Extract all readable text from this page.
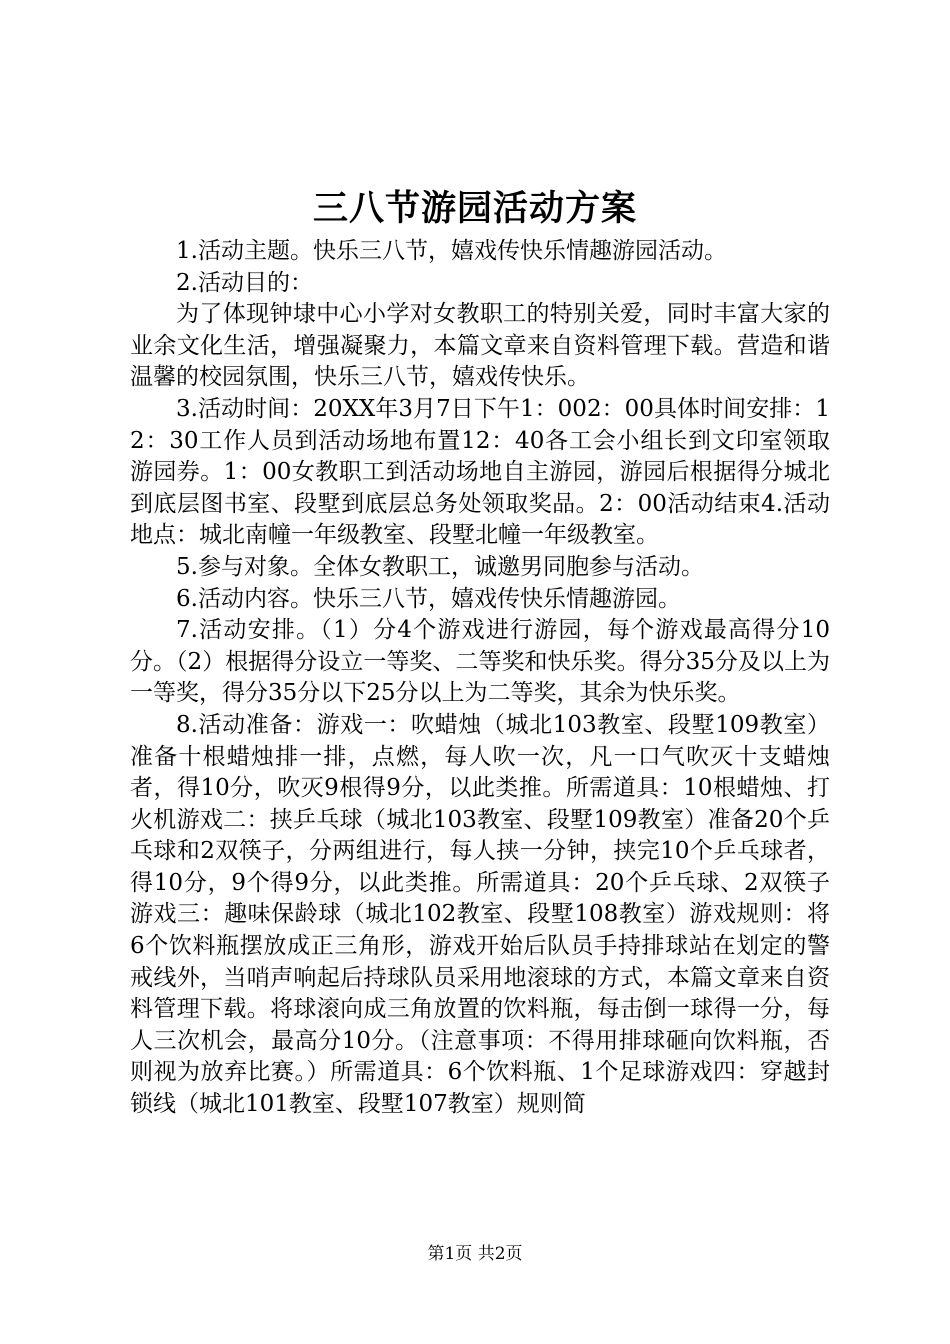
三八节游园活动方案

1.活动主题。快乐三八节，嬉戏传快乐情趣游园活动。

2.活动目的：

为了体现钟埭中心小学对女教职工的特别关爱，同时丰富大家的业余文化生活，增强凝聚力，本篇文章来自资料管理下载。营造和谐温馨的校园氛围，快乐三八节，嬉戏传快乐。

3.活动时间：20XX年3月7日下午1：002：00具体时间安排：12：30工作人员到活动场地布置12：40各工会小组长到文印室领取游园券。1：00女教职工到活动场地自主游园，游园后根据得分城北到底层图书室、段墅到底层总务处领取奖品。2：00活动结束4.活动地点：城北南幢一年级教室、段墅北幢一年级教室。

5.参与对象。全体女教职工，诚邀男同胞参与活动。

6.活动内容。快乐三八节，嬉戏传快乐情趣游园。

7.活动安排。（1）分4个游戏进行游园，每个游戏最高得分10分。（2）根据得分设立一等奖、二等奖和快乐奖。得分35分及以上为一等奖，得分35分以下25分以上为二等奖，其余为快乐奖。

8.活动准备：游戏一：吹蜡烛（城北103教室、段墅109教室）准备十根蜡烛排一排，点燃，每人吹一次，凡一口气吹灭十支蜡烛者，得10分，吹灭9根得9分，以此类推。所需道具：10根蜡烛、打火机游戏二：挟乒乓球（城北103教室、段墅109教室）准备20个乒乓球和2双筷子，分两组进行，每人挟一分钟，挟完10个乒乓球者，得10分，9个得9分，以此类推。所需道具：20个乒乓球、2双筷子游戏三：趣味保龄球（城北102教室、段墅108教室）游戏规则：将6个饮料瓶摆放成正三角形，游戏开始后队员手持排球站在划定的警戒线外，当哨声响起后持球队员采用地滚球的方式，本篇文章来自资料管理下载。将球滚向成三角放置的饮料瓶，每击倒一球得一分，每人三次机会，最高分10分。（注意事项：不得用排球砸向饮料瓶，否则视为放弃比赛。）所需道具：6个饮料瓶、1个足球游戏四：穿越封锁线（城北101教室、段墅107教室）规则简

第1页 共2页
